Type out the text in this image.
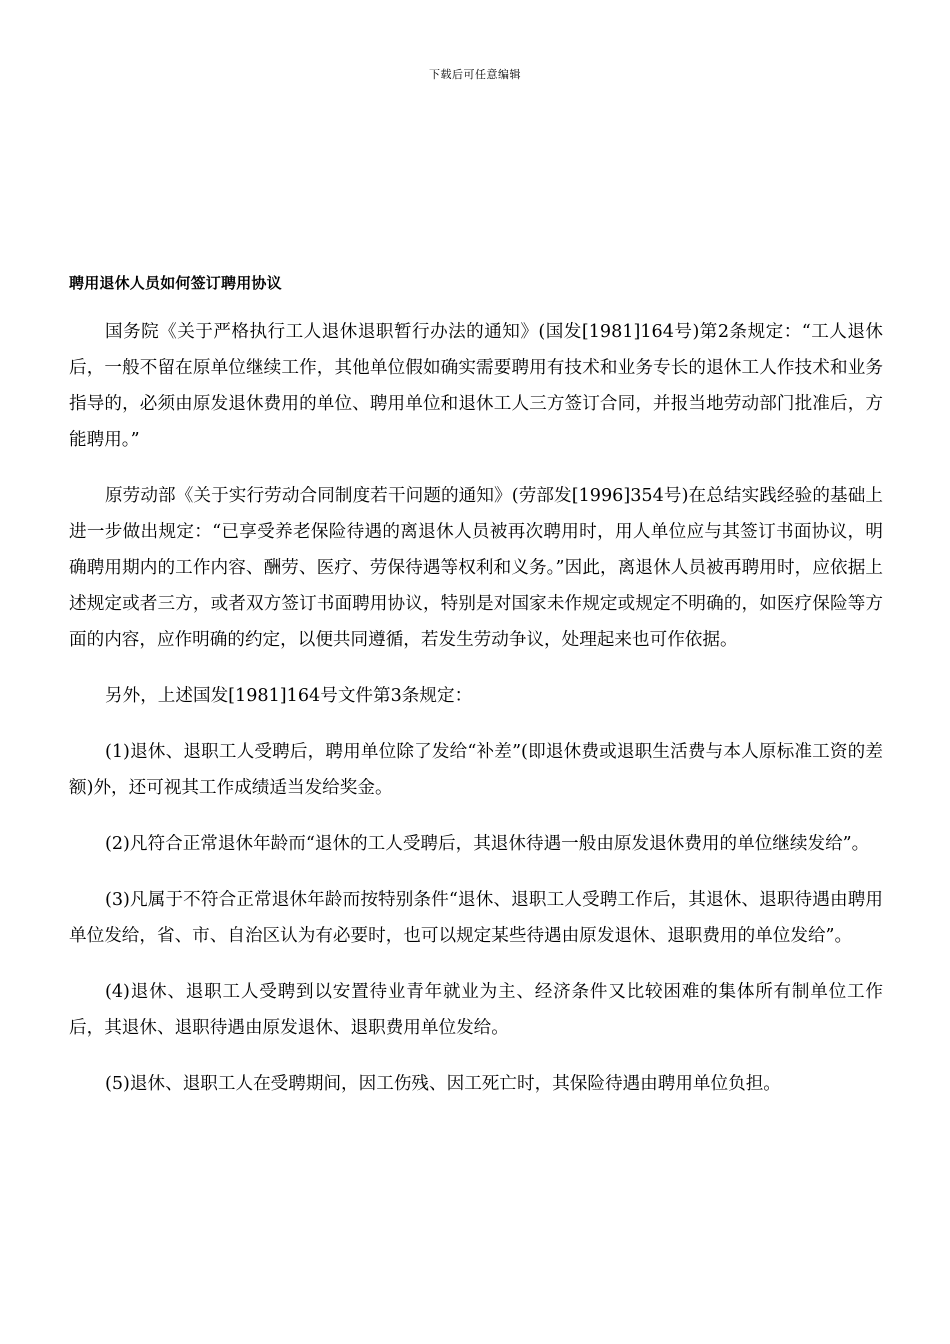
下载后可任意编辑
聘用退休人员如何签订聘用协议

国务院《关于严格执行工人退休退职暂行办法的通知》(国发[1981]164号)第2条规定：“工人退休后，一般不留在原单位继续工作，其他单位假如确实需要聘用有技术和业务专长的退休工人作技术和业务指导的，必须由原发退休费用的单位、聘用单位和退休工人三方签订合同，并报当地劳动部门批准后，方能聘用。”

原劳动部《关于实行劳动合同制度若干问题的通知》(劳部发[1996]354号)在总结实践经验的基础上进一步做出规定：“已享受养老保险待遇的离退休人员被再次聘用时，用人单位应与其签订书面协议，明确聘用期内的工作内容、酬劳、医疗、劳保待遇等权利和义务。”因此，离退休人员被再聘用时，应依据上述规定或者三方，或者双方签订书面聘用协议，特别是对国家未作规定或规定不明确的，如医疗保险等方面的内容，应作明确的约定，以便共同遵循，若发生劳动争议，处理起来也可作依据。

另外，上述国发[1981]164号文件第3条规定：

(1)退休、退职工人受聘后，聘用单位除了发给“补差”(即退休费或退职生活费与本人原标准工资的差额)外，还可视其工作成绩适当发给奖金。

(2)凡符合正常退休年龄而“退休的工人受聘后，其退休待遇一般由原发退休费用的单位继续发给”。

(3)凡属于不符合正常退休年龄而按特别条件“退休、退职工人受聘工作后，其退休、退职待遇由聘用单位发给，省、市、自治区认为有必要时，也可以规定某些待遇由原发退休、退职费用的单位发给”。

(4)退休、退职工人受聘到以安置待业青年就业为主、经济条件又比较困难的集体所有制单位工作后，其退休、退职待遇由原发退休、退职费用单位发给。

(5)退休、退职工人在受聘期间，因工伤残、因工死亡时，其保险待遇由聘用单位负担。
